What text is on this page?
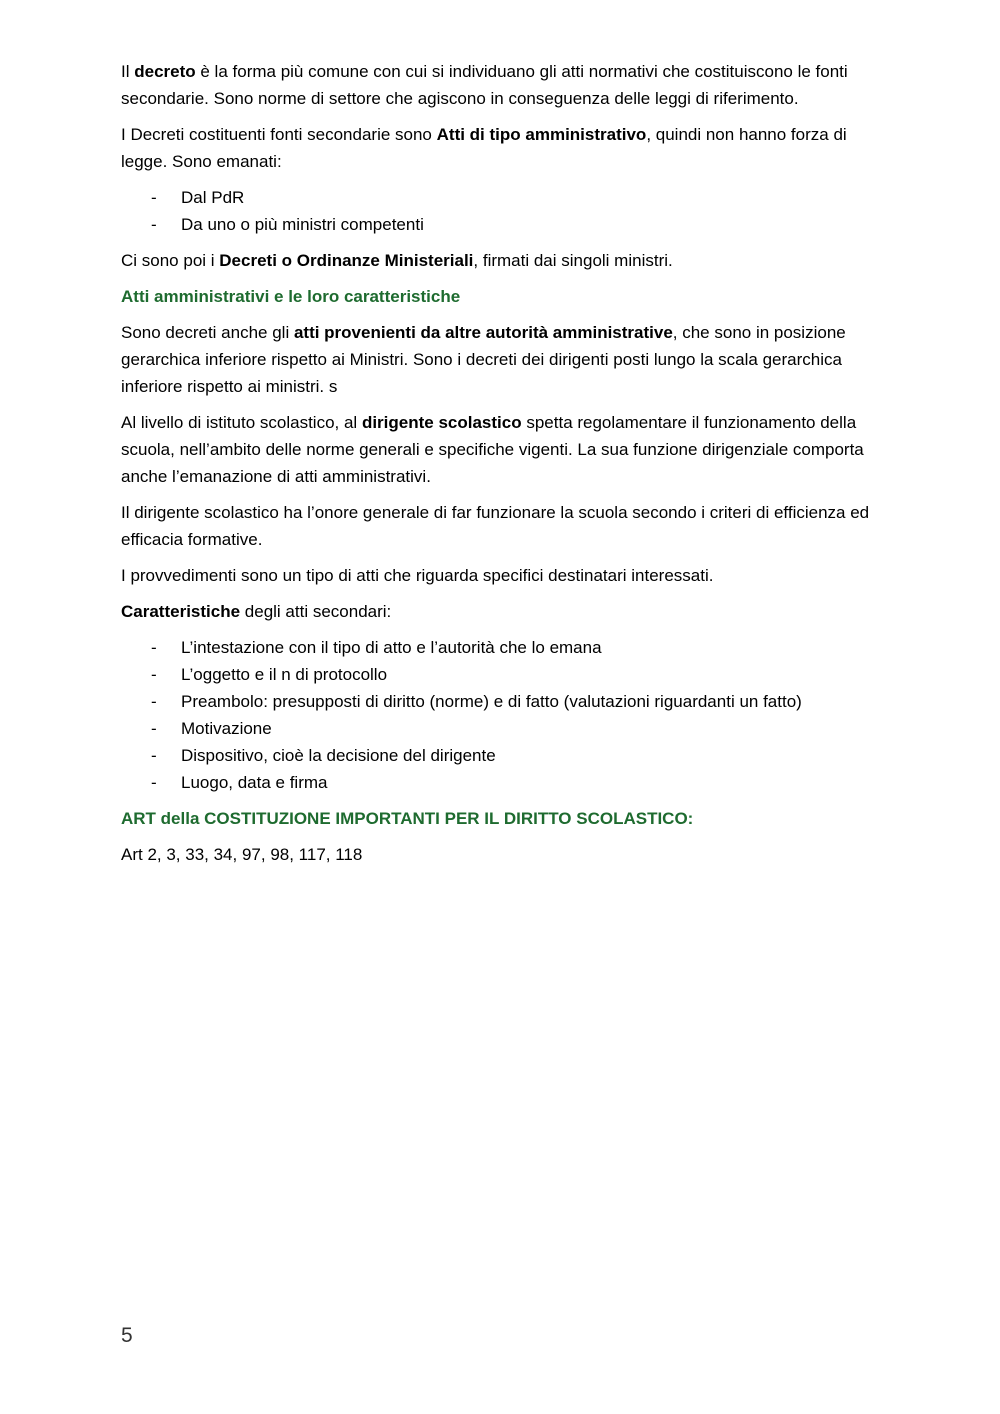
Il decreto è la forma più comune con cui si individuano gli atti normativi che costituiscono le fonti secondarie. Sono norme di settore che agiscono in conseguenza delle leggi di riferimento.

I Decreti costituenti fonti secondarie sono Atti di tipo amministrativo, quindi non hanno forza di legge. Sono emanati:

- Dal PdR
- Da uno o più ministri competenti

Ci sono poi i Decreti o Ordinanze Ministeriali, firmati dai singoli ministri.

Atti amministrativi e le loro caratteristiche

Sono decreti anche gli atti provenienti da altre autorità amministrative, che sono in posizione gerarchica inferiore rispetto ai Ministri. Sono i decreti dei dirigenti posti lungo la scala gerarchica inferiore rispetto ai ministri. s

Al livello di istituto scolastico, al dirigente scolastico spetta regolamentare il funzionamento della scuola, nell’ambito delle norme generali e specifiche vigenti. La sua funzione dirigenziale comporta anche l’emanazione di atti amministrativi.

Il dirigente scolastico ha l’onore generale di far funzionare la scuola secondo i criteri di efficienza ed efficacia formative.

I provvedimenti sono un tipo di atti che riguarda specifici destinatari interessati.

Caratteristiche degli atti secondari:

- L’intestazione con il tipo di atto e l’autorità che lo emana
- L’oggetto e il n di protocollo
- Preambolo: presupposti di diritto (norme) e di fatto (valutazioni riguardanti un fatto)
- Motivazione
- Dispositivo, cioè la decisione del dirigente
- Luogo, data e firma

ART della COSTITUZIONE IMPORTANTI PER IL DIRITTO SCOLASTICO:

Art 2, 3, 33, 34, 97, 98, 117, 118

5
